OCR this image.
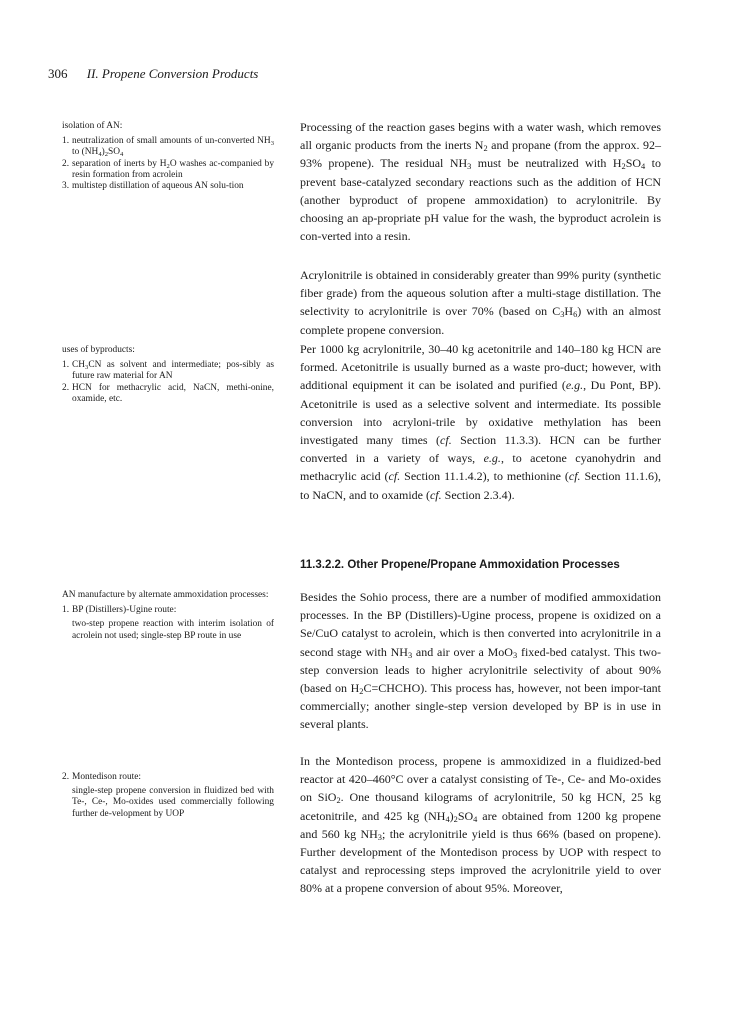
306 II. Propene Conversion Products
isolation of AN:
1. neutralization of small amounts of un-converted $NH_3$ to $(NH_4)_2SO_4$
2. separation of inerts by $H_2O$ washes ac-companied by resin formation from acrolein
3. multistep distillation of aqueous AN solu-tion
uses of byproducts:
1. $CH_3CN$ as solvent and intermediate; pos-sibly as future raw material for AN
2. HCN for methacrylic acid, NaCN, methi-onine, oxamide, etc.
AN manufacture by alternate ammoxidation processes:
1. BP (Distillers)-Ugine route:
two-step propene reaction with interim isolation of acrolein not used; single-step BP route in use
2. Montedison route:
single-step propene conversion in fluidized bed with Te-, Ce-, Mo-oxides used commercially following further de-velopment by UOP

Processing of the reaction gases begins with a water wash, which removes all organic products from the inerts $N_2$ and propane (from the approx. 92–93% propene). The residual $NH_3$ must be neutralized with $H_2SO_4$ to prevent base-catalyzed secondary reactions such as the addition of HCN (another byproduct of propene ammoxidation) to acrylonitrile. By choosing an ap-propriate pH value for the wash, the byproduct acrolein is con-verted into a resin.

Acrylonitrile is obtained in considerably greater than 99% purity (synthetic fiber grade) from the aqueous solution after a multi-stage distillation. The selectivity to acrylonitrile is over 70% (based on $C_3H_6$) with an almost complete propene conversion.

Per 1000 kg acrylonitrile, 30–40 kg acetonitrile and 140–180 kg HCN are formed. Acetonitrile is usually burned as a waste pro-duct; however, with additional equipment it can be isolated and purified (e.g., Du Pont, BP). Acetonitrile is used as a selective solvent and intermediate. Its possible conversion into acryloni-trile by oxidative methylation has been investigated many times (cf. Section 11.3.3). HCN can be further converted in a variety of ways, e.g., to acetone cyanohydrin and methacrylic acid (cf. Section 11.1.4.2), to methionine (cf. Section 11.1.6), to NaCN, and to oxamide (cf. Section 2.3.4).

11.3.2.2. Other Propene/Propane Ammoxidation Processes

Besides the Sohio process, there are a number of modified ammoxidation processes. In the BP (Distillers)-Ugine process, propene is oxidized on a Se/CuO catalyst to acrolein, which is then converted into acrylonitrile in a second stage with $NH_3$ and air over a MoO$_3$ fixed-bed catalyst. This two-step conversion leads to higher acrylonitrile selectivity of about 90% (based on $H_2C=CHCHO$). This process has, however, not been impor-tant commercially; another single-step version developed by BP is in use in several plants.

In the Montedison process, propene is ammoxidized in a fluidized-bed reactor at 420–460°C over a catalyst consisting of Te-, Ce- and Mo-oxides on SiO$_2$. One thousand kilograms of acrylonitrile, 50 kg HCN, 25 kg acetonitrile, and 425 kg $(NH_4)_2SO_4$ are obtained from 1200 kg propene and 560 kg $NH_3$; the acrylonitrile yield is thus 66% (based on propene). Further development of the Montedison process by UOP with respect to catalyst and reprocessing steps improved the acrylonitrile yield to over 80% at a propene conversion of about 95%. Moreover,
